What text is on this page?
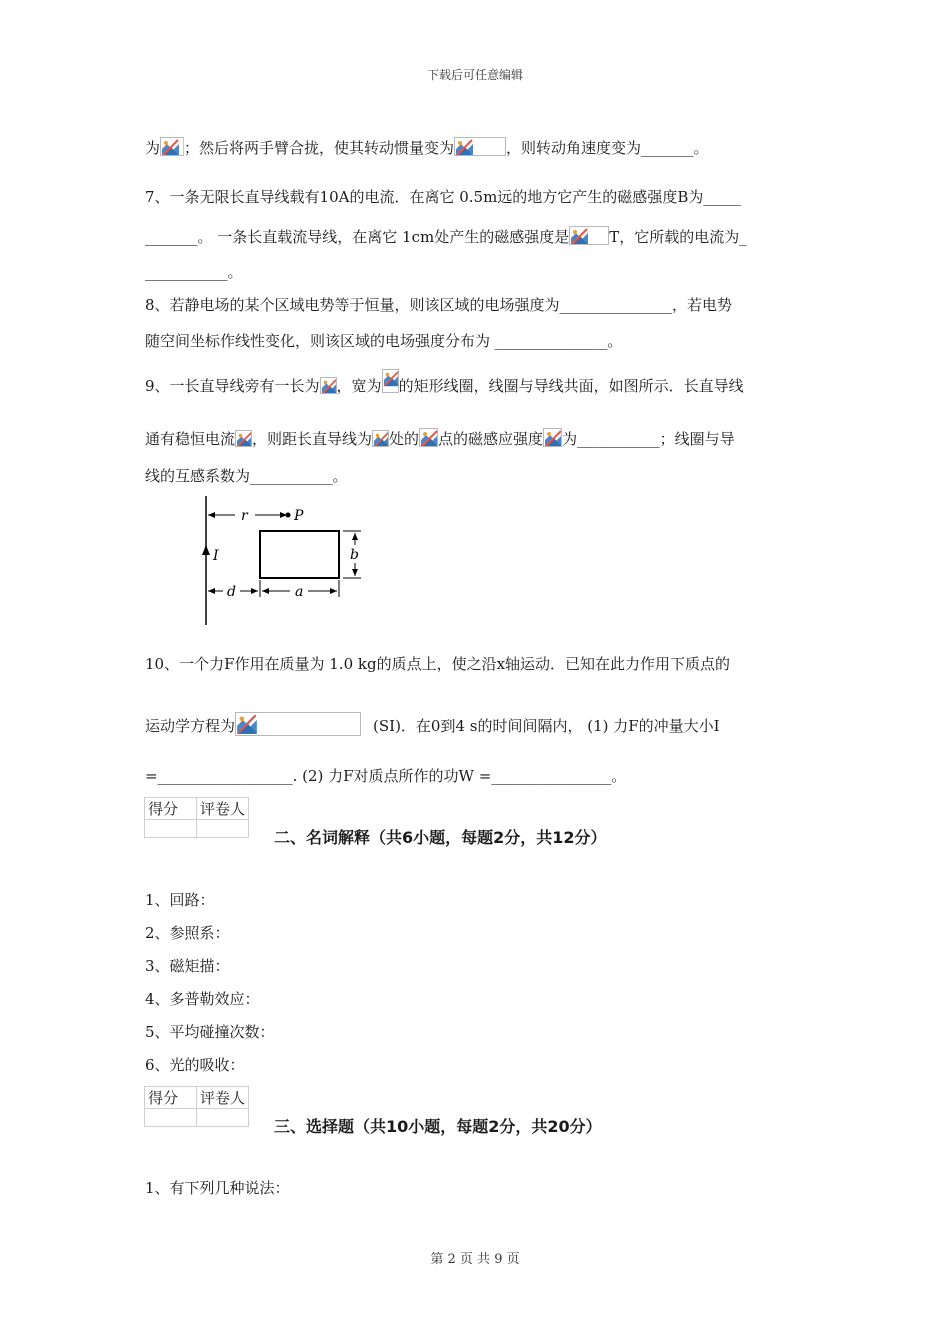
下载后可任意编辑
为 ；然后将两手臂合拢，使其转动惯量变为	，则转动角速度变为_______。
7、一条无限长直导线载有10A的电流．在离它 0.5m远的地方它产生的磁感强度B为_____
_______。 一条长直载流导线，在离它 1cm处产生的磁感强度是	T，它所载的电流为_
___________。
8、若静电场的某个区域电势等于恒量，则该区域的电场强度为_______________，若电势
随空间坐标作线性变化，则该区域的电场强度分布为 _______________。
9、一长直导线旁有一长为 ，宽为 的矩形线圈，线圈与导线共面，如图所示．长直导线
通有稳恒电流 ，则距长直导线为 处的 点的磁感应强度 为___________；线圈与导
线的互感系数为___________。
r	P
I	b
d	a
10、一个力F作用在质量为 1.0 kg的质点上，使之沿x轴运动．已知在此力作用下质点的
运动学方程为	(SI)．在0到4 s的时间间隔内， (1) 力F的冲量大小I
=__________________. (2) 力F对质点所作的功W =________________。
得分	评卷人

二、名词解释（共6小题，每题2分，共12分）
1、回路：
2、参照系：
3、磁矩描：
4、多普勒效应：
5、平均碰撞次数：
6、光的吸收：
得分	评卷人

三、选择题（共10小题，每题2分，共20分）
1、有下列几种说法：
第 2 页 共 9 页
